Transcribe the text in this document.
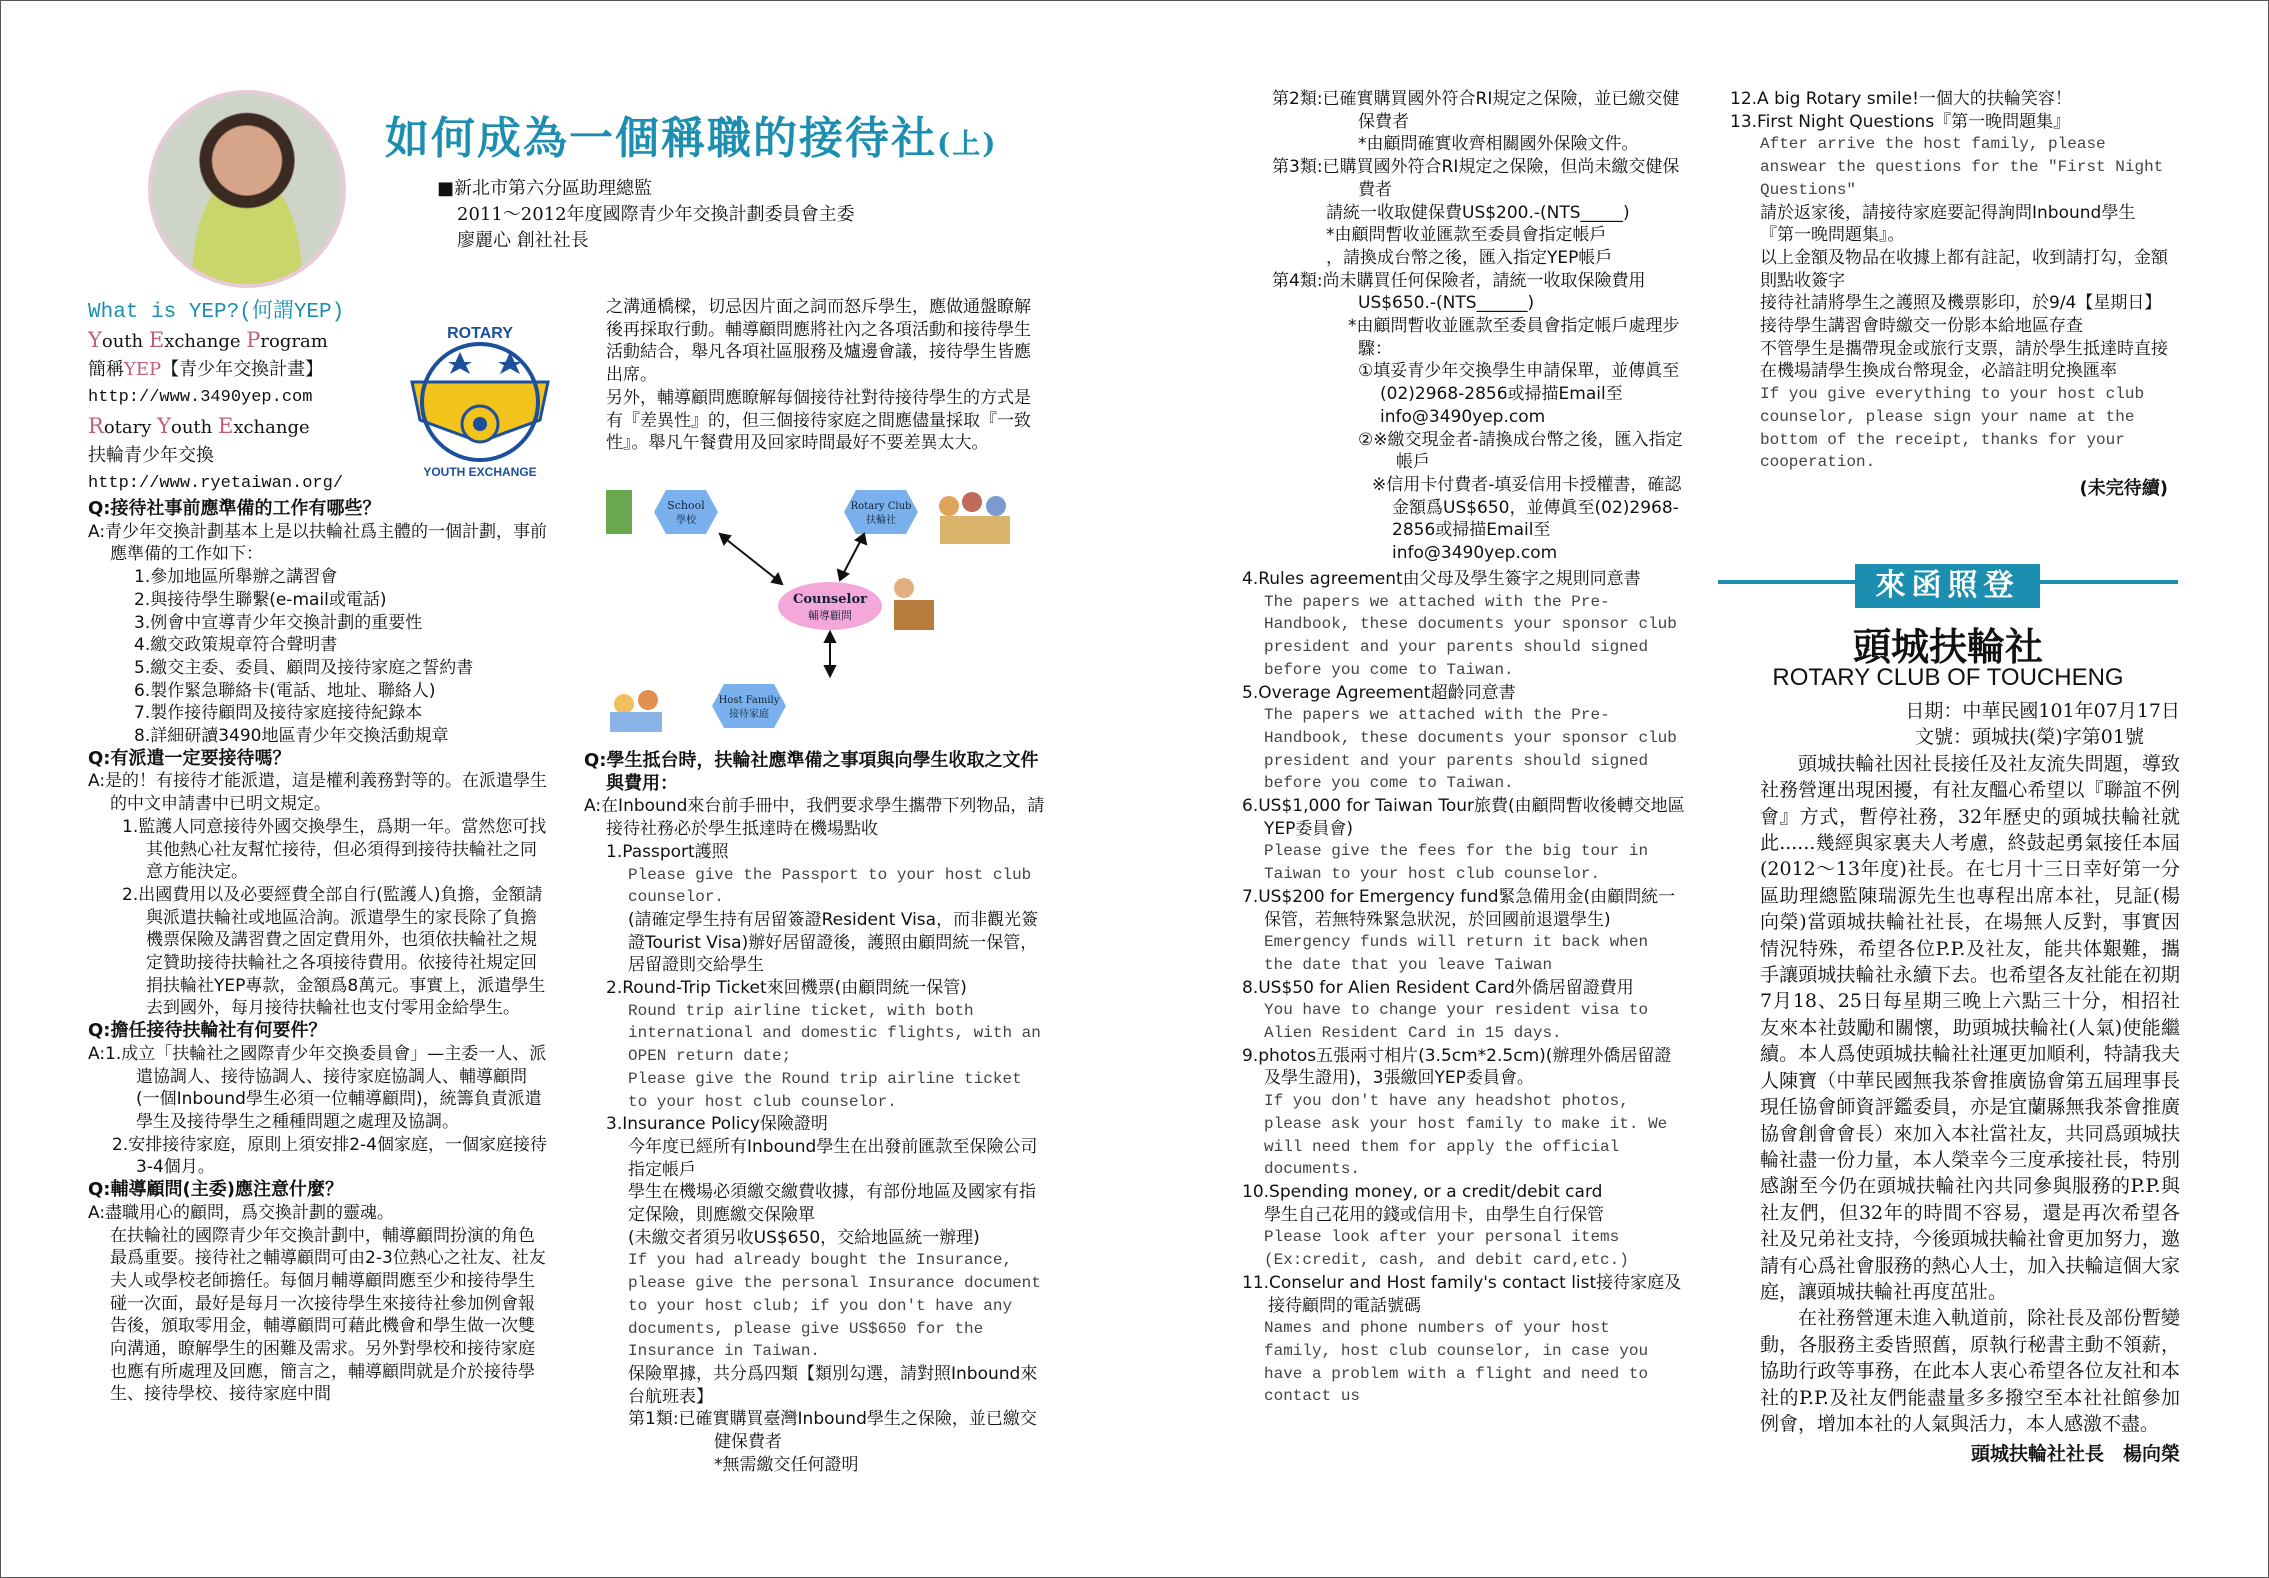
如何成為一個稱職的接待社(上)

■新北市第六分區助理總監

2011～2012年度國際青少年交換計劃委員會主委

廖麗心 創社社長

What is YEP?(何謂YEP)

Youth Exchange Program

簡稱YEP【青少年交換計畫】

http://www.3490yep.com

Rotary Youth Exchange

扶輪青少年交換

http://www.ryetaiwan.org/

ROTARY
YOUTH EXCHANGE

Q:接待社事前應準備的工作有哪些？

A:青少年交換計劃基本上是以扶輪社爲主體的一個計劃，事前應準備的工作如下：

1.參加地區所舉辦之講習會

2.與接待學生聯繫(e-mail或電話)

3.例會中宣導青少年交換計劃的重要性

4.繳交政策規章符合聲明書

5.繳交主委、委員、顧問及接待家庭之誓約書

6.製作緊急聯絡卡(電話、地址、聯絡人)

7.製作接待顧問及接待家庭接待紀錄本

8.詳細研讀3490地區青少年交換活動規章

Q:有派遣一定要接待嗎？

A:是的！有接待才能派遣，這是權利義務對等的。在派遣學生的中文申請書中已明文規定。

1.監護人同意接待外國交換學生，爲期一年。當然您可找其他熱心社友幫忙接待，但必須得到接待扶輪社之同意方能決定。

2.出國費用以及必要經費全部自行(監護人)負擔，金額請與派遣扶輪社或地區洽詢。派遣學生的家長除了負擔機票保險及講習費之固定費用外，也須依扶輪社之規定贊助接待扶輪社之各項接待費用。依接待社規定回捐扶輪社YEP專款，金額爲8萬元。事實上，派遣學生去到國外，每月接待扶輪社也支付零用金給學生。

Q:擔任接待扶輪社有何要件？

A:1.成立「扶輪社之國際青少年交換委員會」—主委一人、派遣協調人、接待協調人、接待家庭協調人、輔導顧問(一個Inbound學生必須一位輔導顧問)，統籌負責派遣學生及接待學生之種種問題之處理及協調。

2.安排接待家庭，原則上須安排2-4個家庭，一個家庭接待3-4個月。

Q:輔導顧問(主委)應注意什麼？

A:盡職用心的顧問，爲交換計劃的靈魂。

在扶輪社的國際青少年交換計劃中，輔導顧問扮演的角色最爲重要。接待社之輔導顧問可由2-3位熱心之社友、社友夫人或學校老師擔任。每個月輔導顧問應至少和接待學生碰一次面，最好是每月一次接待學生來接待社參加例會報告後，頒取零用金，輔導顧問可藉此機會和學生做一次雙向溝通，瞭解學生的困難及需求。另外對學校和接待家庭也應有所處理及回應，簡言之，輔導顧問就是介於接待學生、接待學校、接待家庭中間

之溝通橋樑，切忌因片面之詞而怒斥學生，應做通盤瞭解後再採取行動。輔導顧問應將社內之各項活動和接待學生活動結合，舉凡各項社區服務及爐邊會議，接待學生皆應出席。

另外，輔導顧問應瞭解每個接待社對待接待學生的方式是有『差異性』的，但三個接待家庭之間應儘量採取『一致性』。舉凡午餐費用及回家時間最好不要差異太大。

School
學校
Rotary Club
扶輪社
Counselor
輔導顧問
Host Family
接待家庭

Q:學生抵台時，扶輪社應準備之事項與向學生收取之文件與費用：

A:在Inbound來台前手冊中，我們要求學生攜帶下列物品，請接待社務必於學生抵達時在機場點收

1.Passport護照

Please give the Passport to your host club counselor.

(請確定學生持有居留簽證Resident Visa，而非觀光簽證Tourist Visa)辦好居留證後，護照由顧問統一保管，居留證則交給學生

2.Round-Trip Ticket來回機票(由顧問統一保管)

Round trip airline ticket, with both international and domestic flights, with an OPEN return date;

Please give the Round trip airline ticket to your host club counselor.

3.Insurance Policy保險證明

今年度已經所有Inbound學生在出發前匯款至保險公司指定帳戶

學生在機場必須繳交繳費收據，有部份地區及國家有指定保險，則應繳交保險單

(未繳交者須另收US$650，交給地區統一辦理)

If you had already bought the Insurance, please give the personal Insurance document to your host club; if you don't have any documents, please give US$650 for the Insurance in Taiwan.

保險單據，共分爲四類【類別勾選，請對照Inbound來台航班表】

第1類:已確實購買臺灣Inbound學生之保險，並已繳交健保費者

*無需繳交任何證明

第2類:已確實購買國外符合RI規定之保險，並已繳交健保費者

*由顧問確實收齊相關國外保險文件。

第3類:已購買國外符合RI規定之保險，但尚未繳交健保費者

請統一收取健保費US$200.-(NTS_____)

*由顧問暫收並匯款至委員會指定帳戶

，請換成台幣之後，匯入指定YEP帳戶

第4類:尚未購買任何保險者，請統一收取保險費用US$650.-(NTS______)

*由顧問暫收並匯款至委員會指定帳戶處理步驟：

①填妥青少年交換學生申請保單，並傳眞至(02)2968-2856或掃描Email至info@3490yep.com

②※繳交現金者-請換成台幣之後，匯入指定帳戶

※信用卡付費者-填妥信用卡授權書，確認金額爲US$650，並傳眞至(02)2968-2856或掃描Email至info@3490yep.com

4.Rules agreement由父母及學生簽字之規則同意書

The papers we attached with the Pre-Handbook, these documents your sponsor club president and your parents should signed before you come to Taiwan.

5.Overage Agreement超齡同意書

The papers we attached with the Pre-Handbook, these documents your sponsor club president and your parents should signed before you come to Taiwan.

6.US$1,000 for Taiwan Tour旅費(由顧問暫收後轉交地區YEP委員會)

Please give the fees for the big tour in Taiwan to your host club counselor.

7.US$200 for Emergency fund緊急備用金(由顧問統一保管，若無特殊緊急狀況，於回國前退還學生)

Emergency funds will return it back when the date that you leave Taiwan

8.US$50 for Alien Resident Card外僑居留證費用

You have to change your resident visa to Alien Resident Card in 15 days.

9.photos五張兩寸相片(3.5cm*2.5cm)(辦理外僑居留證及學生證用)，3張繳回YEP委員會。

If you don't have any headshot photos, please ask your host family to make it. We will need them for apply the official documents.

10.Spending money, or a credit/debit card

學生自己花用的錢或信用卡，由學生自行保管

Please look after your personal items (Ex:credit, cash, and debit card,etc.)

11.Conselur and Host family's contact list接待家庭及接待顧問的電話號碼

Names and phone numbers of your host family, host club counselor, in case you have a problem with a flight and need to contact us

12.A big Rotary smile!一個大的扶輪笑容！

13.First Night Questions『第一晚問題集』

After arrive the host family, please answear the questions for the "First Night Questions"

請於返家後，請接待家庭要記得詢問Inbound學生『第一晚問題集』。

以上金額及物品在收據上都有註記，收到請打勾，金額則點收簽字

接待社請將學生之護照及機票影印，於9/4【星期日】接待學生講習會時繳交一份影本給地區存查

不管學生是攜帶現金或旅行支票，請於學生抵達時直接在機場請學生換成台幣現金，必諳註明兌換匯率

If you give everything to your host club counselor, please sign your name at the bottom of the receipt, thanks for your cooperation.

(未完待續)

來函照登
頭城扶輪社
ROTARY CLUB OF TOUCHENG

日期：中華民國101年07月17日

文號：頭城扶(榮)字第01號

頭城扶輪社因社長接任及社友流失問題，導致社務營運出現困擾，有社友醞心希望以『聯誼不例會』方式，暫停社務，32年歷史的頭城扶輪社就此......幾經與家裏夫人考慮，終鼓起勇氣接任本屆(2012～13年度)社長。在七月十三日幸好第一分區助理總監陳瑞源先生也專程出席本社，見証(楊向榮)當頭城扶輪社社長，在場無人反對，事實因情況特殊，希望各位P.P.及社友，能共体艱難，攜手讓頭城扶輪社永續下去。也希望各友社能在初期7月18、25日每星期三晚上六點三十分，相招社友來本社鼓勵和關懷，助頭城扶輪社(人氣)使能繼續。本人爲使頭城扶輪社社運更加順利，特請我夫人陳寶（中華民國無我茶會推廣協會第五屆理事長現任協會師資評鑑委員，亦是宜蘭縣無我茶會推廣協會創會會長）來加入本社當社友，共同爲頭城扶輪社盡一份力量，本人榮幸今三度承接社長，特別感謝至今仍在頭城扶輪社內共同參與服務的P.P.與社友們，但32年的時間不容易，還是再次希望各社及兄弟社支持，今後頭城扶輪社會更加努力，邀請有心爲社會服務的熱心人士，加入扶輪這個大家庭，讓頭城扶輪社再度茁壯。

在社務營運未進入軌道前，除社長及部份暫變動，各服務主委皆照舊，原執行秘書主動不領薪，協助行政等事務，在此本人衷心希望各位友社和本社的P.P.及社友們能盡量多多撥空至本社社館參加例會，增加本社的人氣與活力，本人感激不盡。

頭城扶輪社社長　楊向榮
